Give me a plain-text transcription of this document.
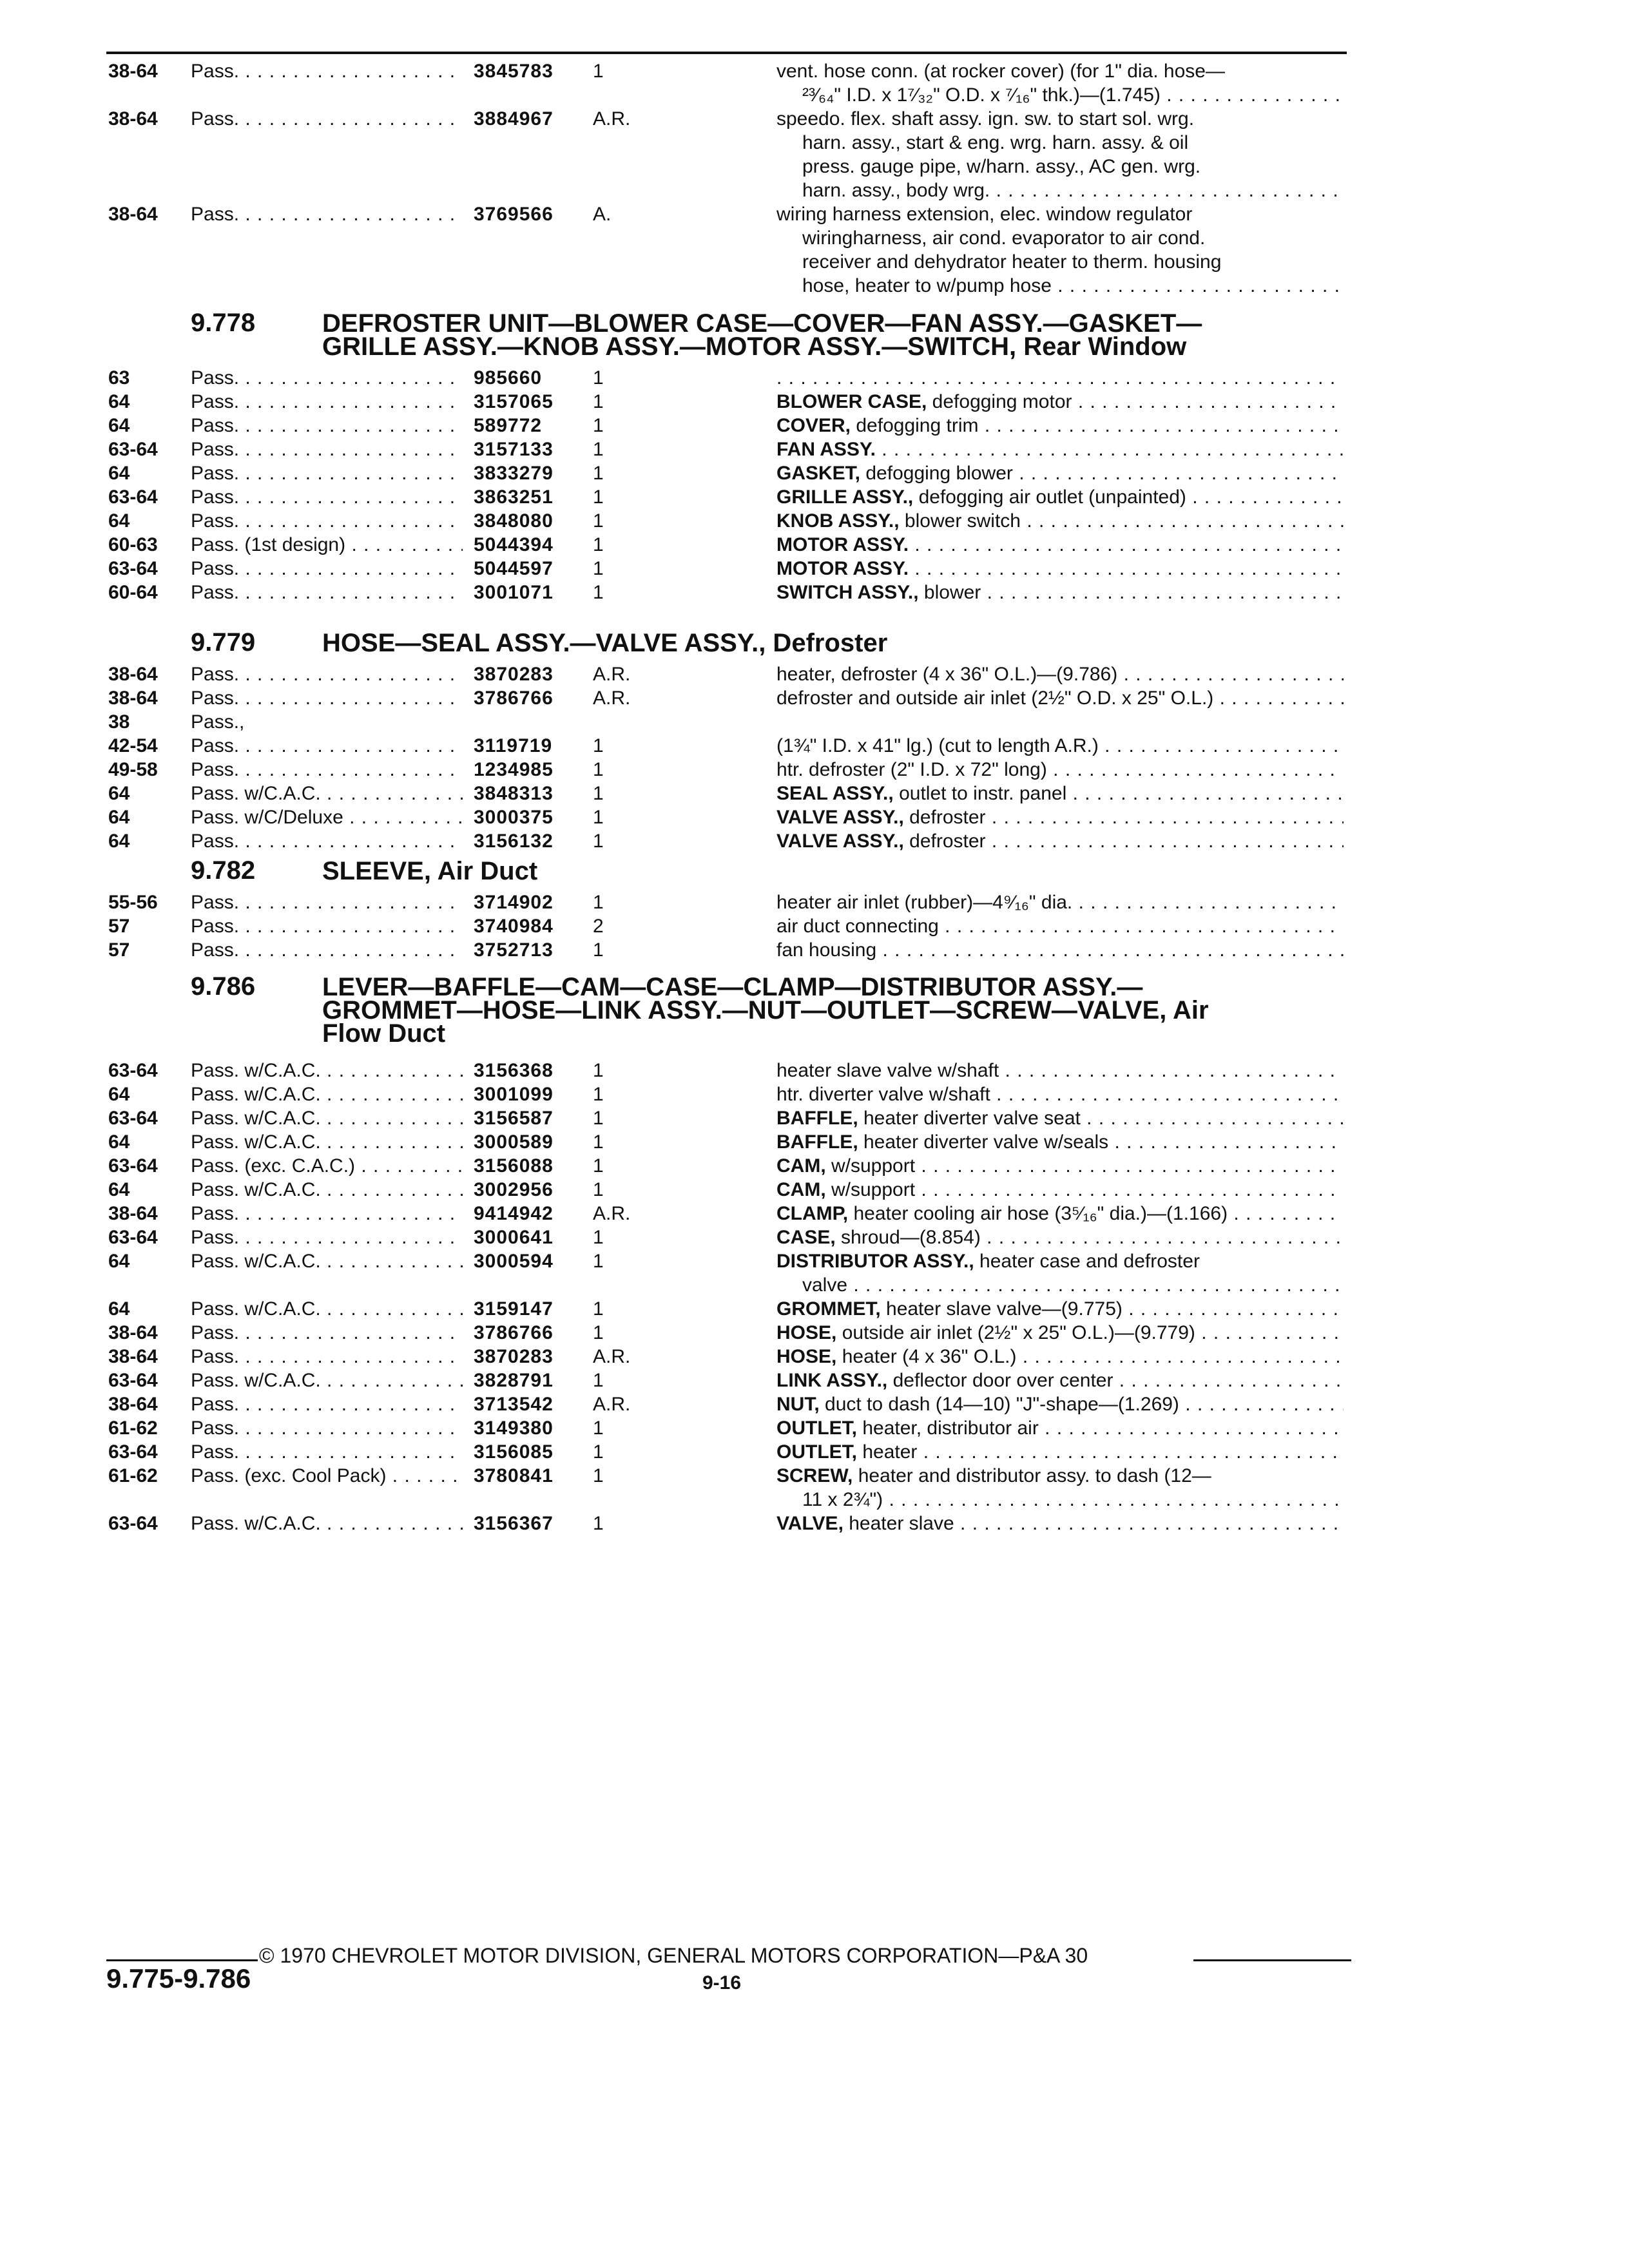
38-64	Pass. . . .	3845783	1	vent. hose conn. (at rocker cover) (for 1" dia. hose—
²³⁄₆₄" I.D. x 1⁷⁄₃₂" O.D. x ⁷⁄₁₆" thk.)—(1.745) . . .
38-64	Pass. . . .	3884967	A.R.	speedo. flex. shaft assy. ign. sw. to start sol. wrg.
harn. assy., start & eng. wrg. harn. assy. & oil
press. gauge pipe, w/harn. assy., AC gen. wrg.
harn. assy., body wrg. . . .
38-64	Pass. . . .	3769566	A.	wiring harness extension, elec. window regulator
wiringharness, air cond. evaporator to air cond.
receiver and dehydrator heater to therm. housing
hose, heater to w/pump hose . . .
9.778	DEFROSTER UNIT—BLOWER CASE—COVER—FAN ASSY.—GASKET—
GRILLE ASSY.—KNOB ASSY.—MOTOR ASSY.—SWITCH, Rear Window
63	Pass. . . .	985660	1
. . .
64	Pass. . . .	3157065	1	BLOWER CASE, defogging motor . . .
64	Pass. . . .	589772	1	COVER, defogging trim . . .
63-64	Pass. . . .	3157133	1	FAN ASSY. . . .
64	Pass. . . .	3833279	1	GASKET, defogging blower . . .
63-64	Pass. . . .	3863251	1	GRILLE ASSY., defogging air outlet (unpainted) . . .
64	Pass. . . .	3848080	1	KNOB ASSY., blower switch . . .
60-63	Pass. (1st design) . . .	5044394	1	MOTOR ASSY. . . .
63-64	Pass. . . .	5044597	1	MOTOR ASSY. . . .
60-64	Pass. . . .	3001071	1	SWITCH ASSY., blower . . .
9.779	HOSE—SEAL ASSY.—VALVE ASSY., Defroster
38-64	Pass. . . .	3870283	A.R.	heater, defroster (4 x 36" O.L.)—(9.786) . . .
38-64	Pass. . . .	3786766	A.R.	defroster and outside air inlet (2½" O.D. x 25" O.L.) . . .
38	Pass.,
42-54	Pass. . . .	3119719	1	(1¾" I.D. x 41" lg.) (cut to length A.R.) . . .
49-58	Pass. . . .	1234985	1	htr. defroster (2" I.D. x 72" long) . . .
64	Pass. w/C.A.C. . . .	3848313	1	SEAL ASSY., outlet to instr. panel . . .
64	Pass. w/C/Deluxe . . .	3000375	1	VALVE ASSY., defroster . . .
64	Pass. . . .	3156132	1	VALVE ASSY., defroster . . .
9.782	SLEEVE, Air Duct
55-56	Pass. . . .	3714902	1	heater air inlet (rubber)—4⁹⁄₁₆" dia. . . .
57	Pass. . . .	3740984	2	air duct connecting . . .
57	Pass. . . .	3752713	1	fan housing . . .
9.786	LEVER—BAFFLE—CAM—CASE—CLAMP—DISTRIBUTOR ASSY.—
GROMMET—HOSE—LINK ASSY.—NUT—OUTLET—SCREW—VALVE, Air
Flow Duct
63-64	Pass. w/C.A.C. . . .	3156368	1	heater slave valve w/shaft . . .
64	Pass. w/C.A.C. . . .	3001099	1	htr. diverter valve w/shaft . . .
63-64	Pass. w/C.A.C. . . .	3156587	1	BAFFLE, heater diverter valve seat . . .
64	Pass. w/C.A.C. . . .	3000589	1	BAFFLE, heater diverter valve w/seals . . .
63-64	Pass. (exc. C.A.C.) . . .	3156088	1	CAM, w/support . . .
64	Pass. w/C.A.C. . . .	3002956	1	CAM, w/support . . .
38-64	Pass. . . .	9414942	A.R.	CLAMP, heater cooling air hose (3⁵⁄₁₆" dia.)—(1.166) . . .
63-64	Pass. . . .	3000641	1	CASE, shroud—(8.854) . . .
64	Pass. w/C.A.C. . . .	3000594	1	DISTRIBUTOR ASSY., heater case and defroster
valve . . .
64	Pass. w/C.A.C. . . .	3159147	1	GROMMET, heater slave valve—(9.775) . . .
38-64	Pass. . . .	3786766	1	HOSE, outside air inlet (2½" x 25" O.L.)—(9.779) . . .
38-64	Pass. . . .	3870283	A.R.	HOSE, heater (4 x 36" O.L.) . . .
63-64	Pass. w/C.A.C. . . .	3828791	1	LINK ASSY., deflector door over center . . .
38-64	Pass. . . .	3713542	A.R.	NUT, duct to dash (14—10) "J"-shape—(1.269) . . .
61-62	Pass. . . .	3149380	1	OUTLET, heater, distributor air . . .
63-64	Pass. . . .	3156085	1	OUTLET, heater . . .
61-62	Pass. (exc. Cool Pack) . . .	3780841	1	SCREW, heater and distributor assy. to dash (12—
11 x 2¾") . . .
63-64	Pass. w/C.A.C. . . .	3156367	1	VALVE, heater slave . . .
© 1970 CHEVROLET MOTOR DIVISION, GENERAL MOTORS CORPORATION—P&A 30
9.775-9.786	9-16
